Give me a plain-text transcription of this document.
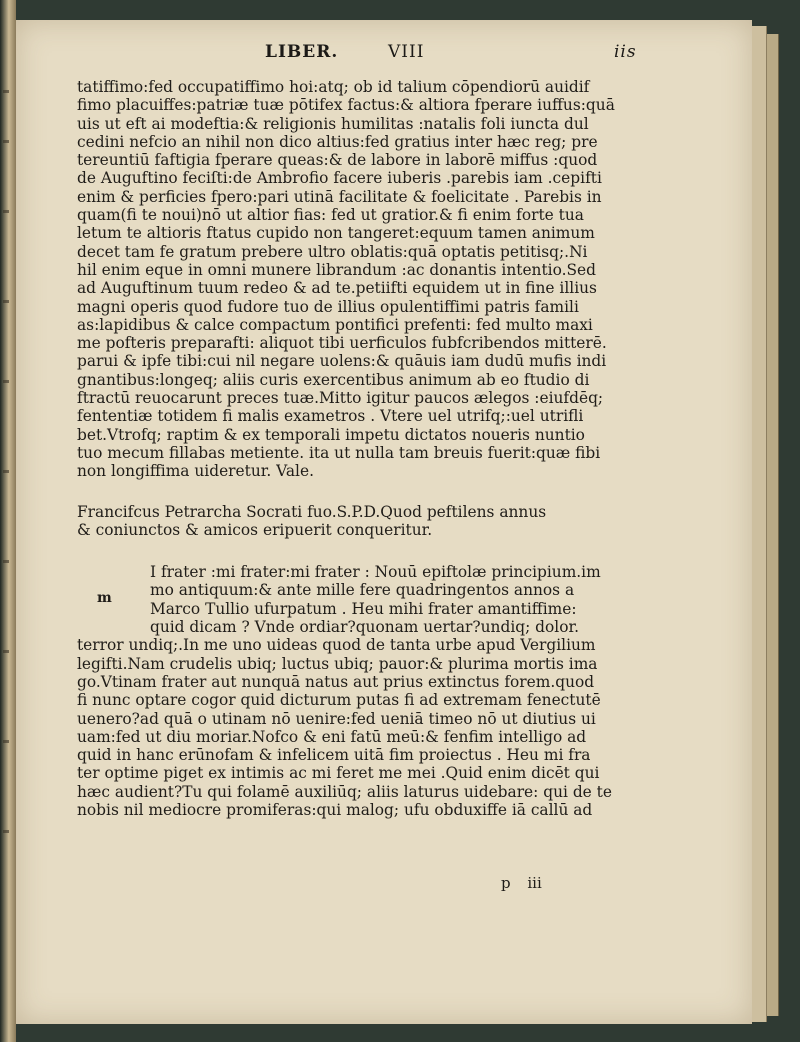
LIBER.	VIII	iis
tatiffimo:fed occupatiffimo hoi:atq; ob id talium cōpendiorū auidif
fimo placuiffes:patriæ tuæ pōtifex factus:& altiora fperare iuffus:quā
uis ut eft ai modeftia:& religionis humilitas :natalis foli iuncta dul
cedini nefcio an nihil non dico altius:fed gratius inter hæc reg; pre
tereuntiū faftigia fperare queas:& de labore in laborē miffus :quod
de Auguftino feciſti:de Ambrofio facere iuberis .parebis iam .cepifti
enim & perficies fpero:pari utinā facilitate & foelicitate . Parebis in
quam(fi te noui)nō ut altior fias: fed ut gratior.& fi enim forte tua
letum te altioris ftatus cupido non tangeret:equum tamen animum
decet tam fe gratum prebere ultro oblatis:quā optatis petitisq;.Ni
hil enim eque in omni munere librandum :ac donantis intentio.Sed
ad Auguftinum tuum redeo & ad te.petiifti equidem ut in fine illius
magni operis quod fudore tuo de illius opulentiffimi patris famili
as:lapidibus & calce compactum pontifici prefenti: fed multo maxi
me pofteris preparafti: aliquot tibi uerficulos fubfcribendos mitterē.
parui & ipfe tibi:cui nil negare uolens:& quāuis iam dudū mufis indi
gnantibus:longeq; aliis curis exercentibus animum ab eo ftudio di
ftractū reuocarunt preces tuæ.Mitto igitur paucos ælegos :eiufdēq;
fententiæ totidem fi malis exametros . Vtere uel utrifq;:uel utrifli
bet.Vtrofq; raptim & ex temporali impetu dictatos noueris nuntio
tuo mecum fillabas metiente. ita ut nulla tam breuis fuerit:quæ fibi
non longiffima uideretur. Vale.
Francifcus Petrarcha Socrati fuo.S.P.D.Quod peftilens annus
& coniunctos & amicos eripuerit conqueritur.
m
I frater :mi frater:mi frater : Nouū epiftolæ principium.im
mo antiquum:& ante mille fere quadringentos annos a
Marco Tullio ufurpatum . Heu mihi frater amantiffime:
quid dicam ? Vnde ordiar?quonam uertar?undiq; dolor.
terror undiq;.In me uno uideas quod de tanta urbe apud Vergilium
legifti.Nam crudelis ubiq; luctus ubiq; pauor:& plurima mortis ima
go.Vtinam frater aut nunquā natus aut prius extinctus forem.quod
fi nunc optare cogor quid dicturum putas fi ad extremam fenectutē
uenero?ad quā o utinam nō uenire:fed ueniā timeo nō ut diutius ui
uam:fed ut diu moriar.Nofco & eni fatū meū:& fenfim intelligo ad
quid in hanc erūnofam & infelicem uitā fim proiectus . Heu mi fra
ter optime piget ex intimis ac mi feret me mei .Quid enim dicēt qui
hæc audient?Tu qui folamē auxiliūq; aliis laturus uidebare: qui de te
nobis nil mediocre promiferas:qui malog; ufu obduxiffe iā callū ad
p iii
